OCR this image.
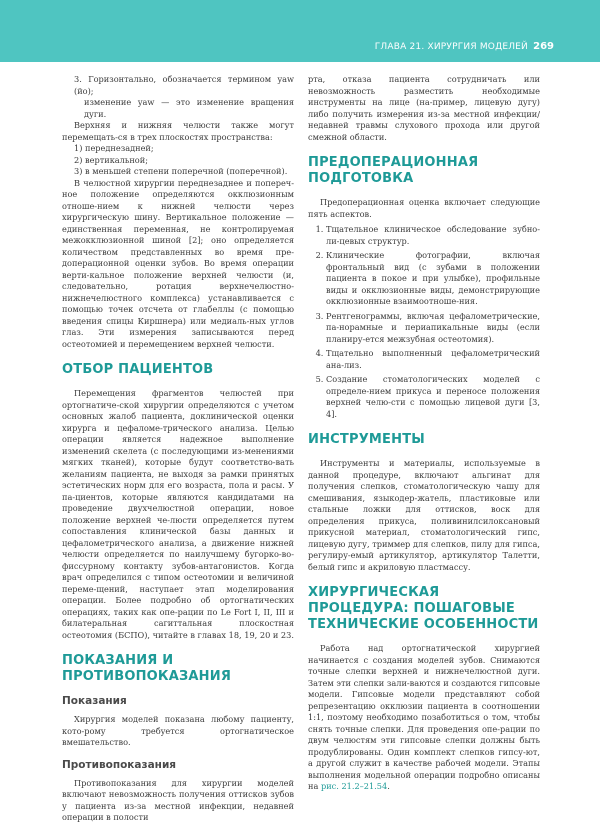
ГЛАВА 21. ХИРУРГИЯ МОДЕЛЕЙ 269

3. Горизонтально, обозначается термином yaw (йо);

изменение yaw — это изменение вращения дуги.

Верхняя и нижняя челюсти также могут перемещать-ся в трех плоскостях пространства:

1) переднезадней;

2) вертикальной;

3) в меньшей степени поперечной (поперечной).

В челюстной хирургии переднезаднее и попереч-ное положение определяются окклюзионным отноше-нием к нижней челюсти через хирургическую шину. Вертикальное положение — единственная переменная, не контролируемая межокклюзионной шиной [2]; оно определяется количеством представленных во время пре-доперационной оценки зубов. Во время операции верти-кальное положение верхней челюсти (и, следовательно, ротация верхнечелюстно-нижнечелюстного комплекса) устанавливается с помощью точек отсчета от глабеллы (с помощью введения спицы Киршнера) или медиаль-ных углов глаз. Эти измерения записываются перед остеотомией и перемещением верхней челюсти.

ОТБОР ПАЦИЕНТОВ

Перемещения фрагментов челюстей при ортогнатиче-ской хирургии определяются с учетом основных жалоб пациента, доклинической оценки хирурга и цефаломе-трического анализа. Целью операции является надежное выполнение изменений скелета (с последующими из-менениями мягких тканей), которые будут соответство-вать желаниям пациента, не выходя за рамки принятых эстетических норм для его возраста, пола и расы. У па-циентов, которые являются кандидатами на проведение двухчелюстной операции, новое положение верхней че-люсти определяется путем сопоставления клинической базы данных и цефалометрического анализа, а движение нижней челюсти определяется по наилучшему бугорко-во-фиссурному контакту зубов-антагонистов. Когда врач определился с типом остеотомии и величиной переме-щений, наступает этап моделирования операции. Более подробно об ортогнатических операциях, таких как опе-рации по Le Fort I, II, III и билатеральная сагиттальная плоскостная остеотомия (БСПО), читайте в главах 18, 19, 20 и 23.

ПОКАЗАНИЯ И ПРОТИВОПОКАЗАНИЯ
Показания

Хирургия моделей показана любому пациенту, кото-рому требуется ортогнатическое вмешательство.

Противопоказания

Противопоказания для хирургии моделей включают невозможность получения оттисков зубов у пациента из-за местной инфекции, недавней операции в полости

рта, отказа пациента сотрудничать или невозможность разместить необходимые инструменты на лице (на-пример, лицевую дугу) либо получить измерения из-за местной инфекции/недавней травмы слухового прохода или другой смежной области.

ПРЕДОПЕРАЦИОННАЯ ПОДГОТОВКА

Предоперационная оценка включает следующие пять аспектов.

1. Тщательное клиническое обследование зубно-ли-цевых структур.
2. Клинические фотографии, включая фронтальный вид (с зубами в положении пациента в покое и при улыбке), профильные виды и окклюзионные виды, демонстрирующие окклюзионные взаимоотноше-ния.
3. Рентгенограммы, включая цефалометрические, па-норамные и периапикальные виды (если планиру-ется межзубная остеотомия).
4. Тщательно выполненный цефалометрический ана-лиз.
5. Создание стоматологических моделей с определе-нием прикуса и переносе положения верхней челю-сти с помощью лицевой дуги [3, 4].
ИНСТРУМЕНТЫ

Инструменты и материалы, используемые в данной процедуре, включают альгинат для получения слепков, стоматологическую чашу для смешивания, языкодер-жатель, пластиковые или стальные ложки для оттисков, воск для определения прикуса, поливинилсилоксановый прикусной материал, стоматологический гипс, лицевую дугу, триммер для слепков, пилу для гипса, регулиру-емый артикулятор, артикулятор Талетти, белый гипс и акриловую пластмассу.

ХИРУРГИЧЕСКАЯ ПРОЦЕДУРА: ПОШАГОВЫЕ ТЕХНИЧЕСКИЕ ОСОБЕННОСТИ

Работа над ортогнатической хирургией начинается с создания моделей зубов. Снимаются точные слепки верхней и нижнечелюстной дуги. Затем эти слепки зали-ваются и создаются гипсовые модели. Гипсовые модели представляют собой репрезентацию окклюзии пациента в соотношении 1:1, поэтому необходимо позаботиться о том, чтобы снять точные слепки. Для проведения опе-рации по двум челюстям эти гипсовые слепки должны быть продублированы. Один комплект слепков гипсу-ют, а другой служит в качестве рабочей модели. Этапы выполнения модельной операции подробно описаны на рис. 21.2–21.54.
